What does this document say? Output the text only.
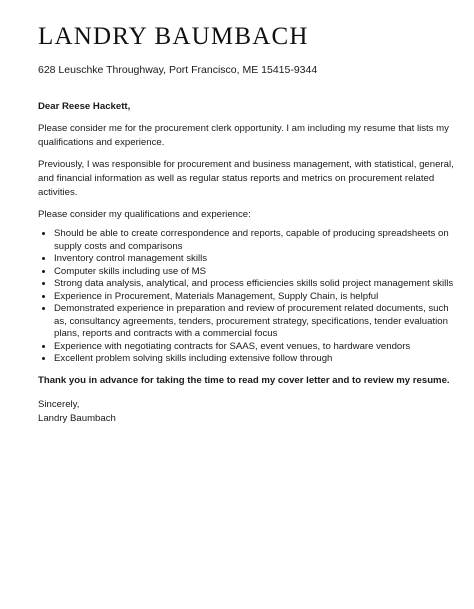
LANDRY BAUMBACH
628 Leuschke Throughway, Port Francisco, ME 15415-9344

Dear Reese Hackett,

Please consider me for the procurement clerk opportunity. I am including my resume that lists my qualifications and experience.

Previously, I was responsible for procurement and business management, with statistical, general, and financial information as well as regular status reports and metrics on procurement related activities.

Please consider my qualifications and experience:

• Should be able to create correspondence and reports, capable of producing spreadsheets on supply costs and comparisons
• Inventory control management skills
• Computer skills including use of MS
• Strong data analysis, analytical, and process efficiencies skills solid project management skills
• Experience in Procurement, Materials Management, Supply Chain, is helpful
• Demonstrated experience in preparation and review of procurement related documents, such as, consultancy agreements, tenders, procurement strategy, specifications, tender evaluation plans, reports and contracts with a commercial focus
• Experience with negotiating contracts for SAAS, event venues, to hardware vendors
• Excellent problem solving skills including extensive follow through

Thank you in advance for taking the time to read my cover letter and to review my resume.

Sincerely,

Landry Baumbach
